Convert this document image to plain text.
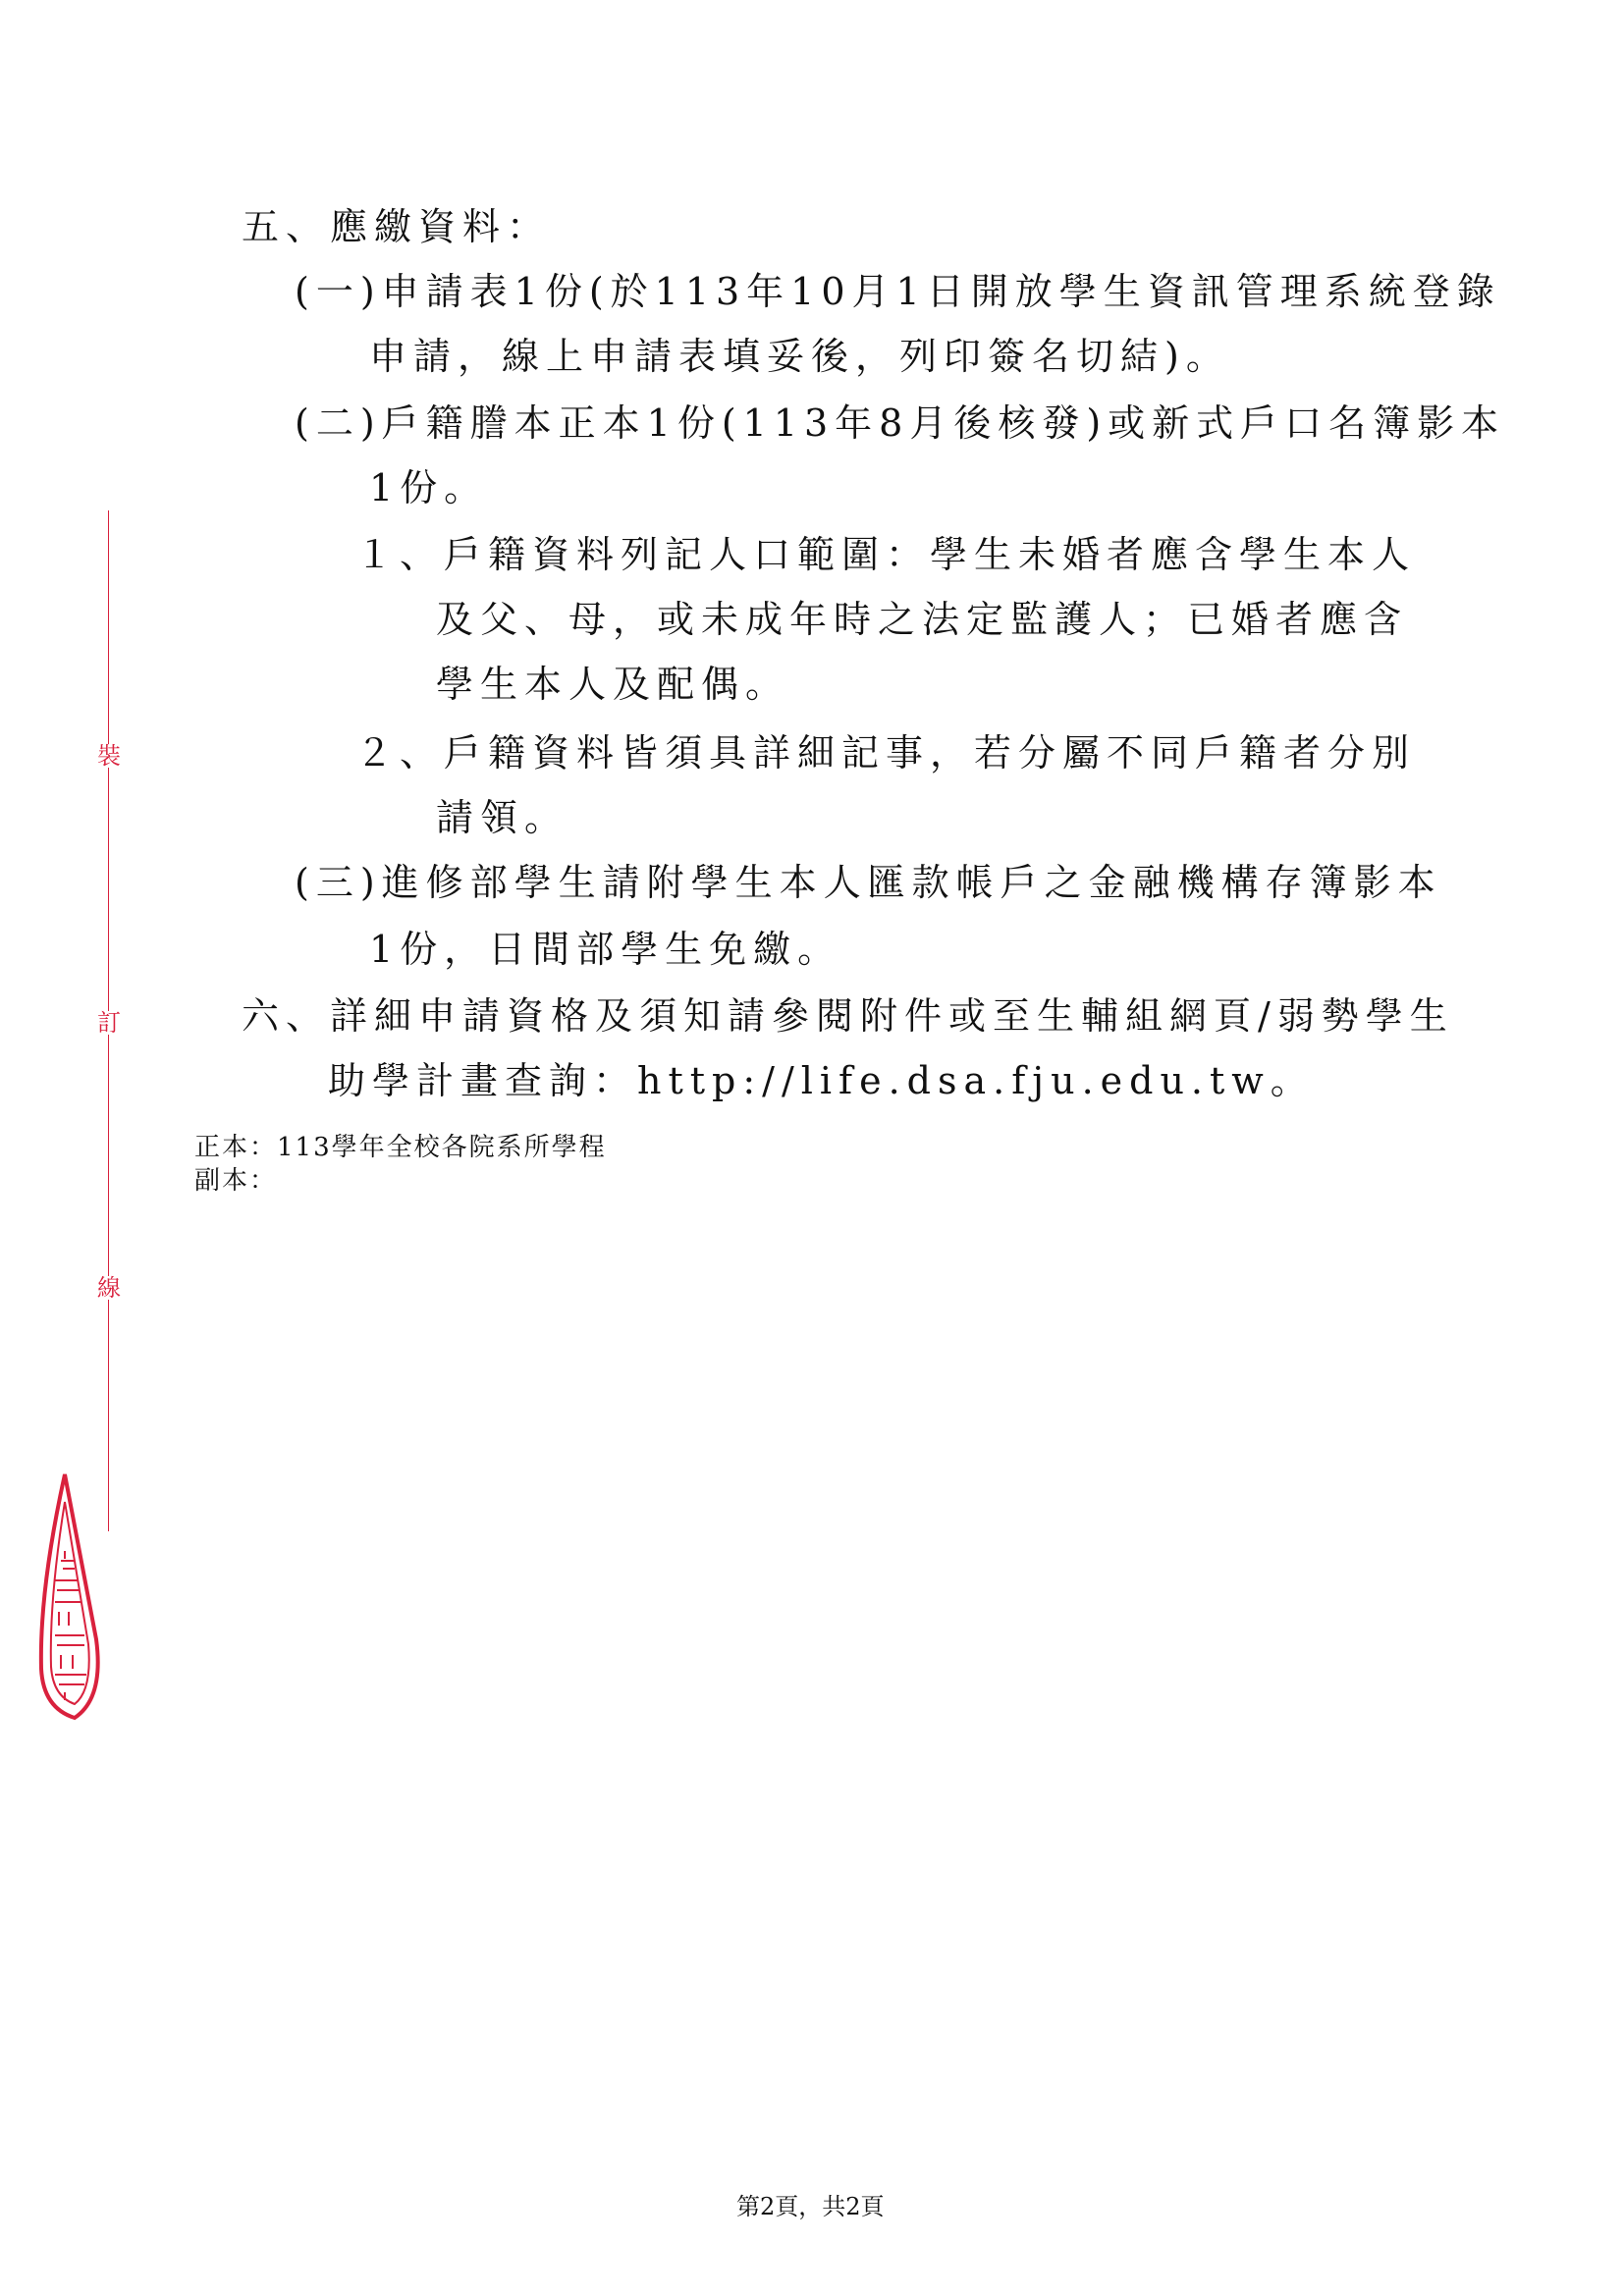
裝
訂
線
五、應繳資料：
(一)申請表1份(於113年10月1日開放學生資訊管理系統登錄
申請，線上申請表填妥後，列印簽名切結)。
(二)戶籍謄本正本1份(113年8月後核發)或新式戶口名簿影本
1份。
１、戶籍資料列記人口範圍：學生未婚者應含學生本人
及父、母，或未成年時之法定監護人；已婚者應含
學生本人及配偶。
２、戶籍資料皆須具詳細記事，若分屬不同戶籍者分別
請領。
(三)進修部學生請附學生本人匯款帳戶之金融機構存簿影本
1份，日間部學生免繳。
六、詳細申請資格及須知請參閱附件或至生輔組網頁/弱勢學生
助學計畫查詢：http://life.dsa.fju.edu.tw。
正本：113學年全校各院系所學程
副本：
第2頁，共2頁
